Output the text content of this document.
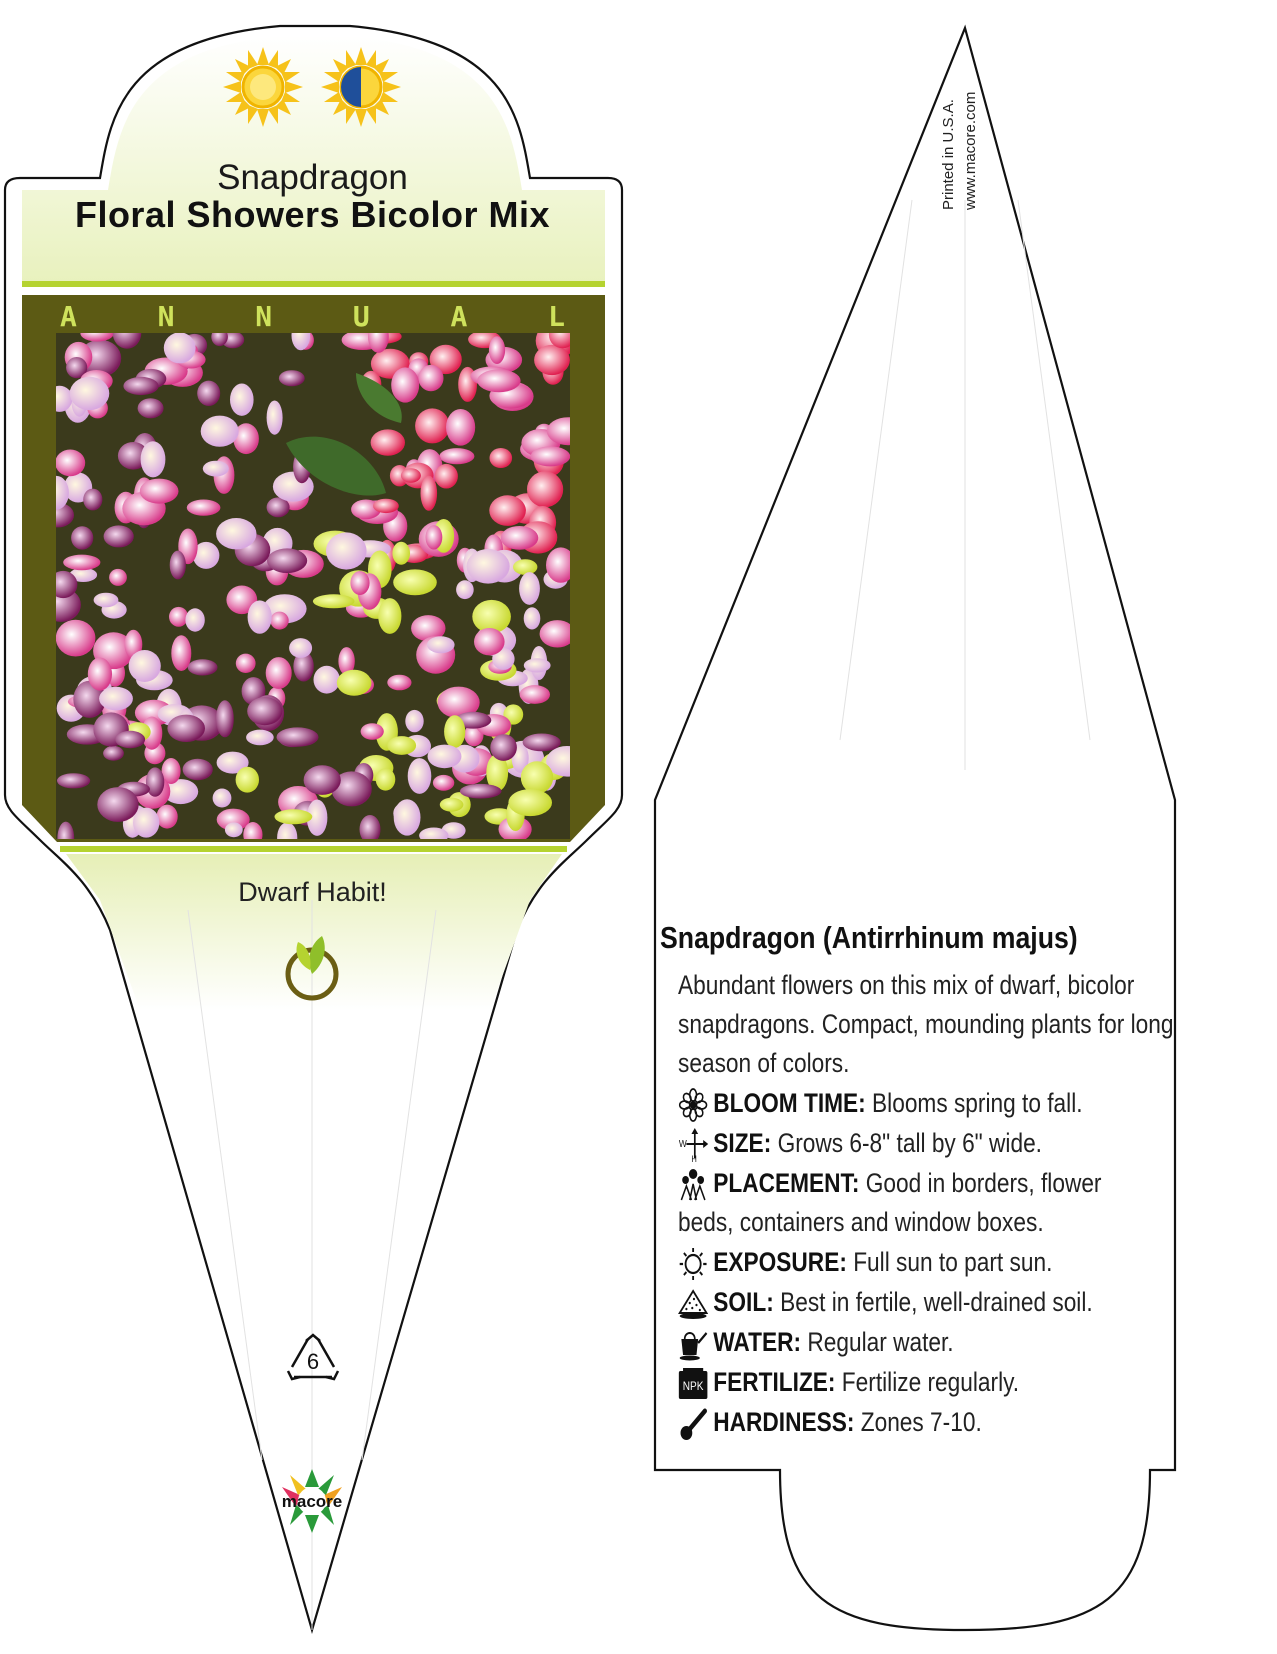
Snapdragon
Floral Showers Bicolor Mix
A	N	N	U	A	L
Dwarf Habit!
6
macore
Printed in U.S.A. www.macore.com
Snapdragon (Antirrhinum majus)
Abundant flowers on this mix of dwarf, bicolor snapdragons. Compact, mounding plants for long season of colors.
BLOOM TIME: Blooms spring to fall.
W
H
SIZE: Grows 6-8" tall by 6" wide.
PLACEMENT: Good in borders, flower beds, containers and window boxes.
EXPOSURE: Full sun to part sun.
SOIL: Best in fertile, well-drained soil.
WATER: Regular water.
NPK FERTILIZE: Fertilize regularly.
HARDINESS: Zones 7-10.
